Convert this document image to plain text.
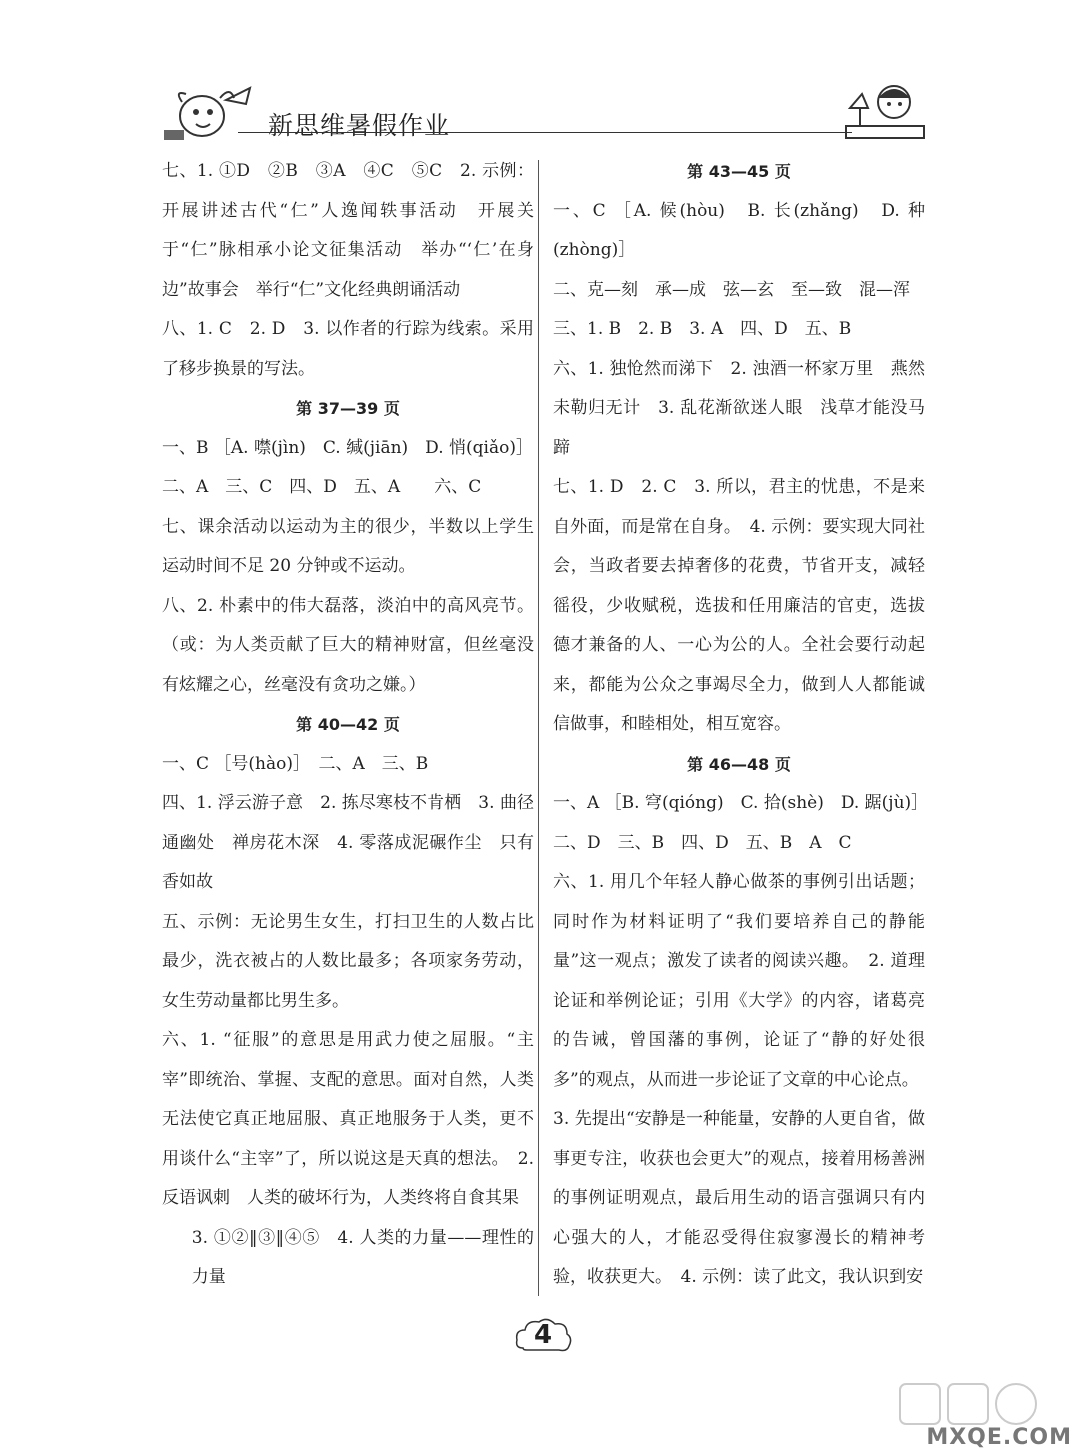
新思维暑假作业

七、1. ①D　②B　③A　④C　⑤C　2. 示例：开展讲述古代“仁”人逸闻轶事活动　开展关于“仁”脉相承小论文征集活动　举办“‘仁’在身边”故事会　举行“仁”文化经典朗诵活动

八、1. C　2. D　3. 以作者的行踪为线索。采用了移步换景的写法。

第 37—39 页

一、B ［A. 噤(jìn)　C. 缄(jiān)　D. 悄(qiǎo)］

二、A　三、C　四、D　五、A　　六、C

七、课余活动以运动为主的很少，半数以上学生运动时间不足 20 分钟或不运动。

八、2. 朴素中的伟大磊落，淡泊中的高风亮节。（或：为人类贡献了巨大的精神财富，但丝毫没有炫耀之心，丝毫没有贪功之嫌。）

第 40—42 页

一、C ［号(hào)］　二、A　三、B

四、1. 浮云游子意　2. 拣尽寒枝不肯栖　3. 曲径通幽处　禅房花木深　4. 零落成泥碾作尘　只有香如故

五、示例：无论男生女生，打扫卫生的人数占比最少，洗衣被占的人数比最多；各项家务劳动，女生劳动量都比男生多。

六、1. “征服”的意思是用武力使之屈服。“主宰”即统治、掌握、支配的意思。面对自然，人类无法使它真正地屈服、真正地服务于人类，更不用谈什么“主宰”了，所以说这是天真的想法。　2. 反语讽刺　人类的破坏行为，人类终将自食其果

3. ①②‖③‖④⑤　4. 人类的力量——理性的力量

第 43—45 页

一、C ［A. 候(hòu)　B. 长(zhǎng)　D. 种(zhòng)］

二、克—刻　承—成　弦—玄　至—致　混—浑

三、1. B　2. B　3. A　四、D　五、B

六、1. 独怆然而涕下　2. 浊酒一杯家万里　燕然未勒归无计　3. 乱花渐欲迷人眼　浅草才能没马蹄

七、1. D　2. C　3. 所以，君主的忧患，不是来自外面，而是常在自身。　4. 示例：要实现大同社会，当政者要去掉奢侈的花费，节省开支，减轻徭役，少收赋税，选拔和任用廉洁的官吏，选拔德才兼备的人、一心为公的人。全社会要行动起来，都能为公众之事竭尽全力，做到人人都能诚信做事，和睦相处，相互宽容。

第 46—48 页

一、A ［B. 穹(qióng)　C. 拾(shè)　D. 踞(jù)］

二、D　三、B　四、D　五、B　A　C

六、1. 用几个年轻人静心做茶的事例引出话题；同时作为材料证明了“我们要培养自己的静能量”这一观点；激发了读者的阅读兴趣。　2. 道理论证和举例论证；引用《大学》的内容，诸葛亮的告诫，曾国藩的事例，论证了“静的好处很多”的观点，从而进一步论证了文章的中心论点。

3. 先提出“安静是一种能量，安静的人更自省，做事更专注，收获也会更大”的观点，接着用杨善洲的事例证明观点，最后用生动的语言强调只有内心强大的人，才能忍受得住寂寥漫长的精神考验，收获更大。　4. 示例：读了此文，我认识到安

4
MXQE.COM
